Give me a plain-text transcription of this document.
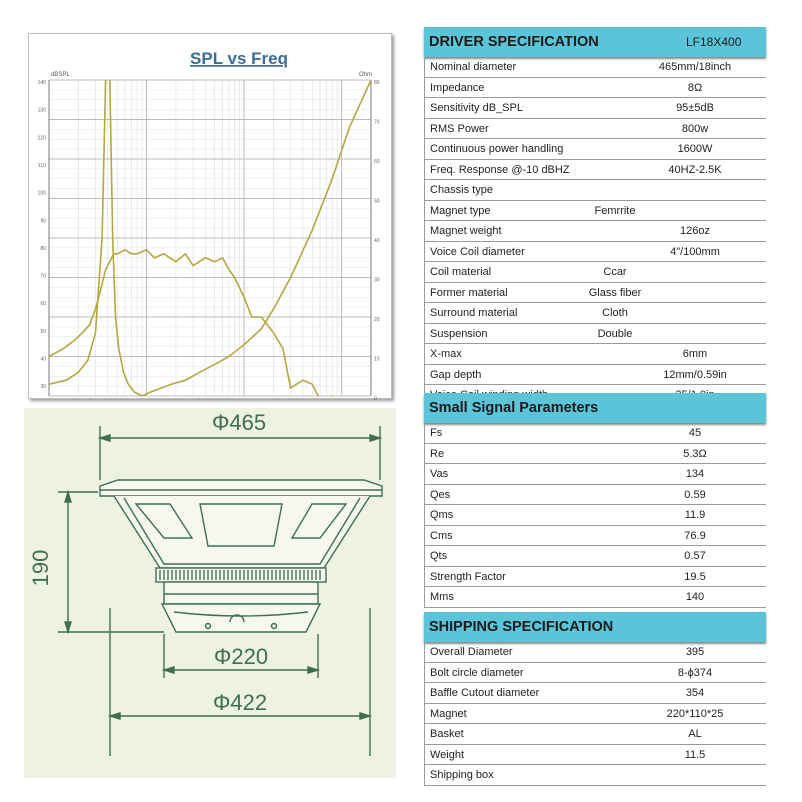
SPL vs Freq
dBSPL	Ohm
140
130
120
110
100
90
80
70
60
50
40
30
80
70
60
50
40
30
20
10
0
Φ465
190
Φ220
Φ422
DRIVER SPECIFICATION	LF18X400
Nominal diameter	465mm/18inch
Impedance	8Ω
Sensitivity dB_SPL	95±5dB
RMS Power	800w
Continuous power handling	1600W
Freq. Response @-10 dBHZ	40HZ-2.5K
Chassis type
Magnet type	Femrrite
Magnet weight	126oz
Voice Coil diameter	4"/100mm
Coil material	Ccar
Former material	Glass fiber
Surround material	Cloth
Suspension	Double
X-max	6mm
Gap depth	12mm/0.59in
Small Signal Parameters
Fs	45
Re	5.3Ω
Vas	134
Qes	0.59
Qms	11.9
Cms	76.9
Qts	0.57
Strength Factor	19.5
Mms	140
SHIPPING SPECIFICATION
Overall Diameter	395
Bolt circle diameter	8-ϕ374
Baffle Cutout diameter	354
Magnet	220*110*25
Basket	AL
Weight	11.5
Shipping box
